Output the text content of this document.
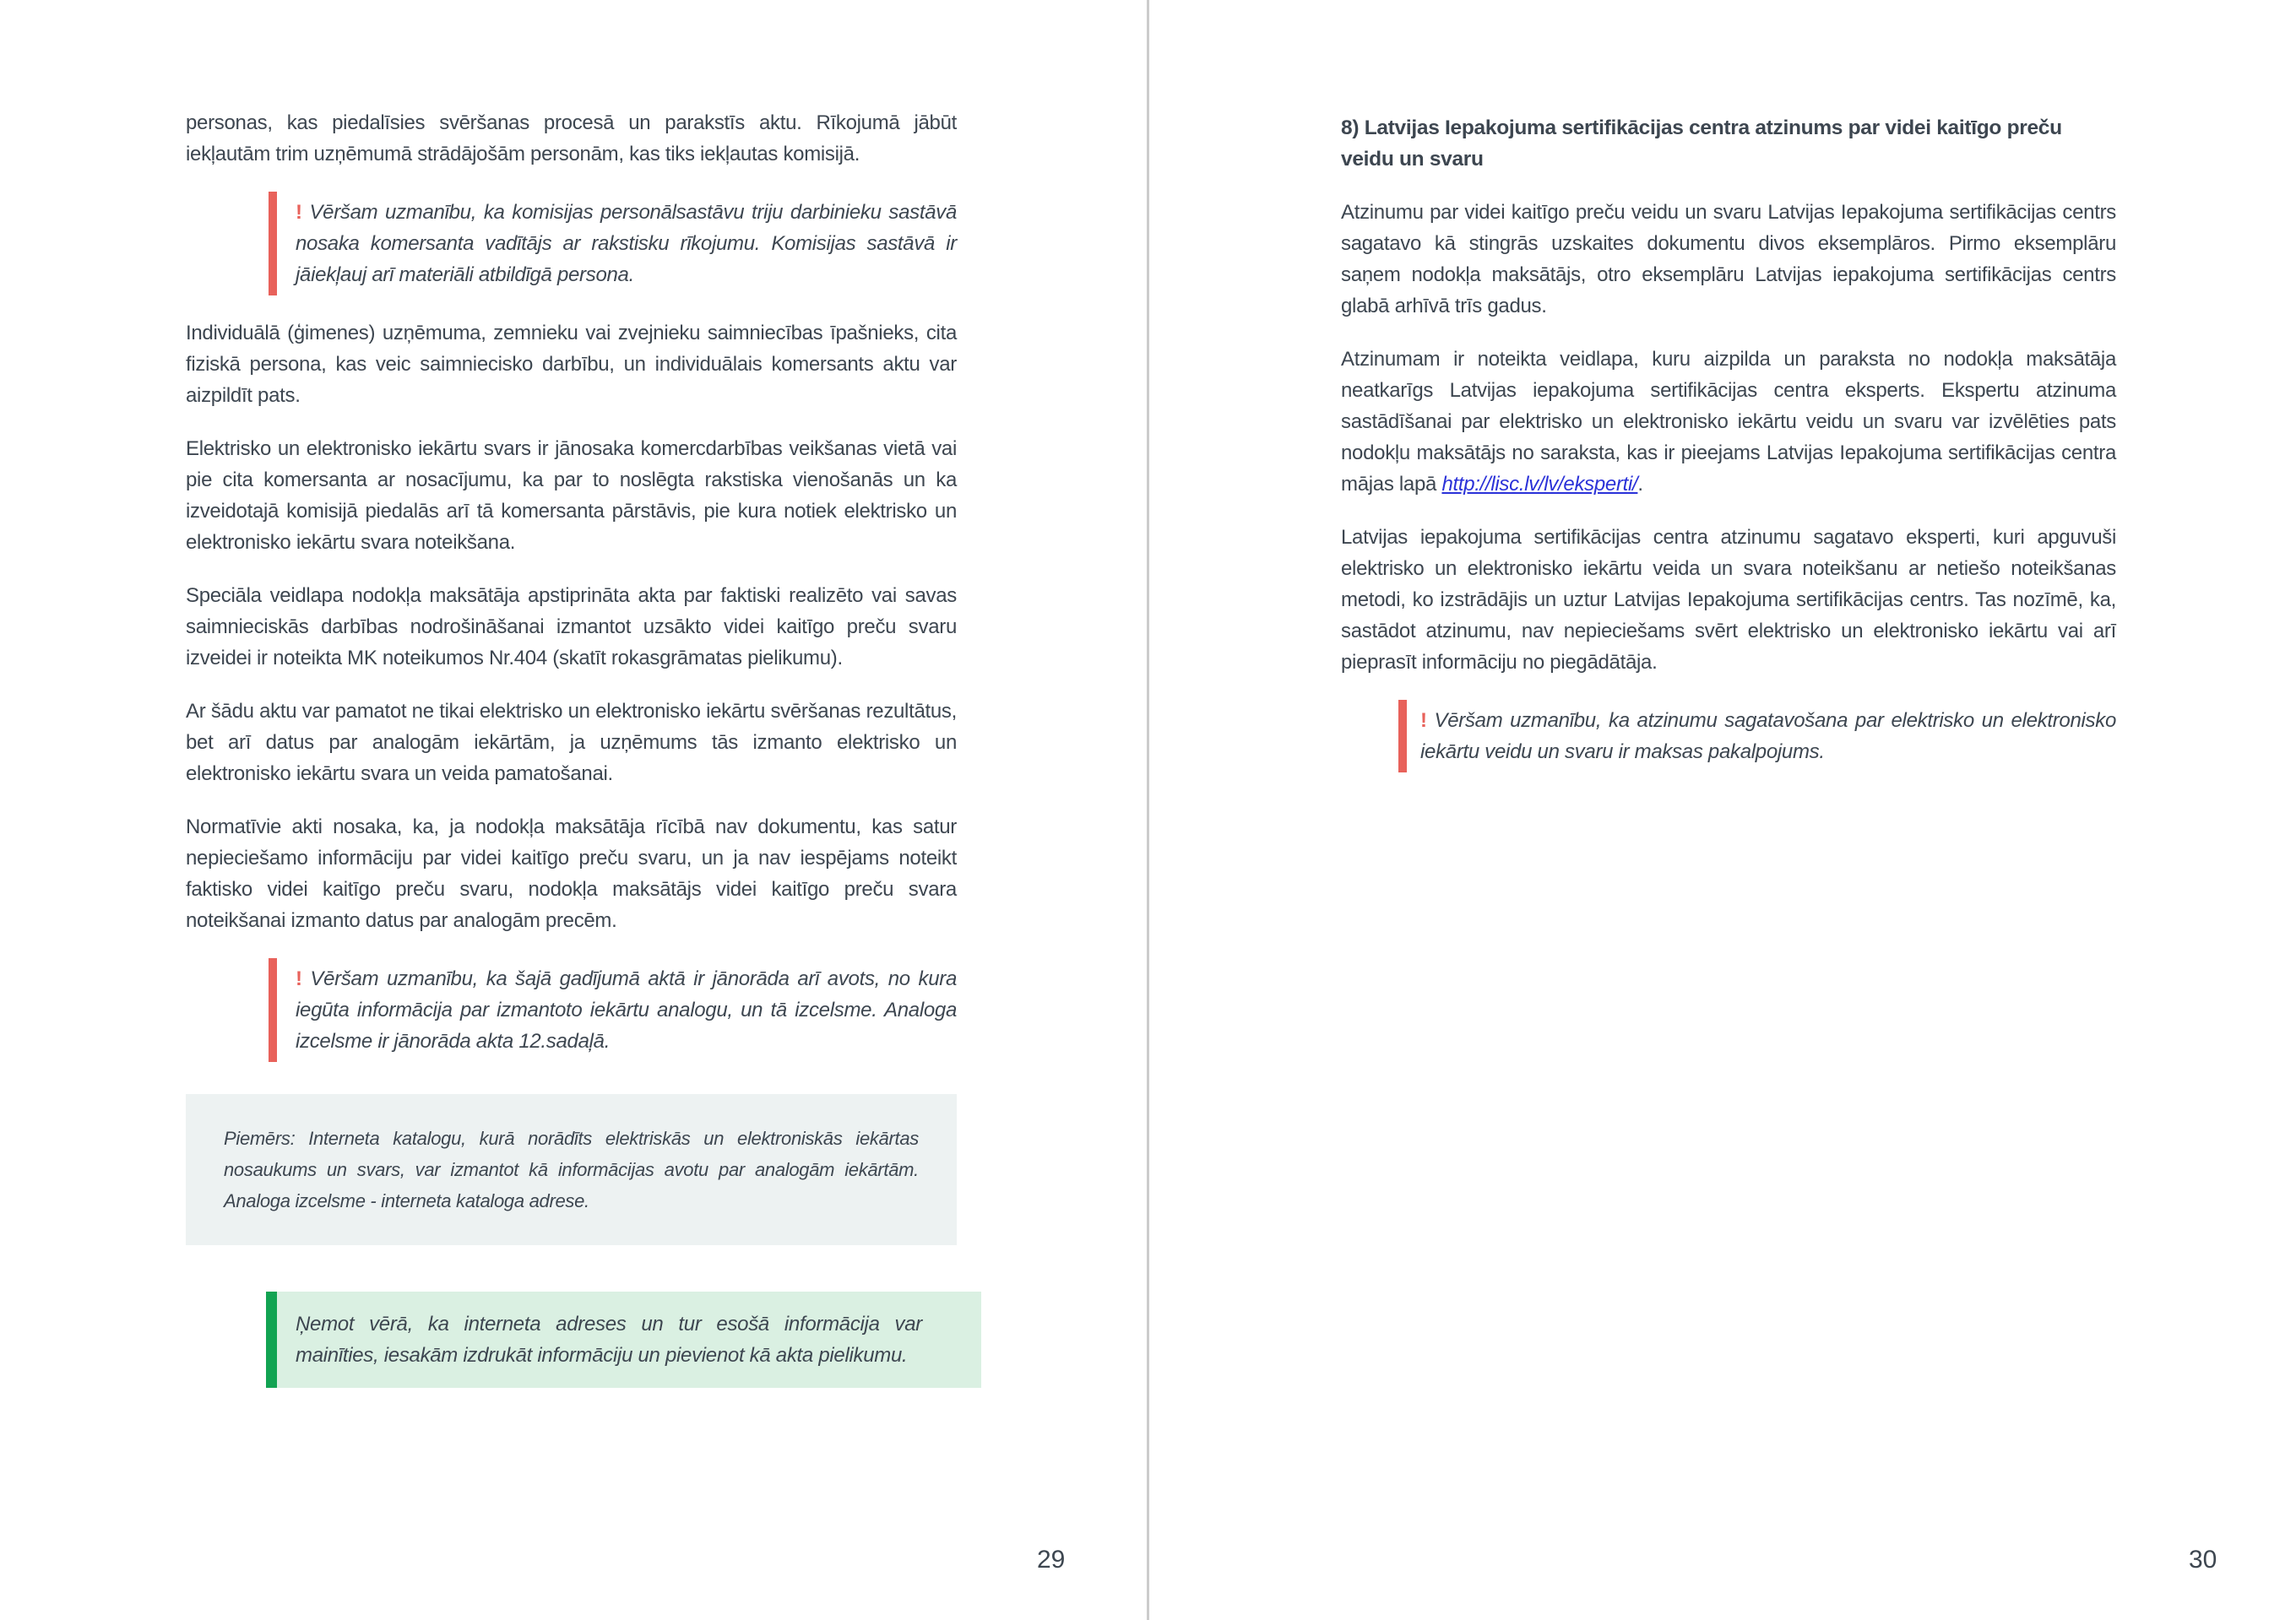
personas, kas piedalīsies svēršanas procesā un parakstīs aktu. Rīkojumā jābūt iekļautām trim uzņēmumā strādājošām personām, kas tiks iekļautas komisijā.

! Vēršam uzmanību, ka komisijas personālsastāvu triju darbinieku sastāvā nosaka komersanta vadītājs ar rakstisku rīkojumu. Komisijas sastāvā ir jāiekļauj arī materiāli atbildīgā persona.

Individuālā (ģimenes) uzņēmuma, zemnieku vai zvejnieku saimniecības īpašnieks, cita fiziskā persona, kas veic saimniecisko darbību, un individuālais komersants aktu var aizpildīt pats.

Elektrisko un elektronisko iekārtu svars ir jānosaka komercdarbības veikšanas vietā vai pie cita komersanta ar nosacījumu, ka par to noslēgta rakstiska vienošanās un ka izveidotajā komisijā piedalās arī tā komersanta pārstāvis, pie kura notiek elektrisko un elektronisko iekārtu svara noteikšana.

Speciāla veidlapa nodokļa maksātāja apstiprināta akta par faktiski realizēto vai savas saimnieciskās darbības nodrošināšanai izmantot uzsākto videi kaitīgo preču svaru izveidei ir noteikta MK noteikumos Nr.404 (skatīt rokasgrāmatas pielikumu).

Ar šādu aktu var pamatot ne tikai elektrisko un elektronisko iekārtu svēršanas rezultātus, bet arī datus par analogām iekārtām, ja uzņēmums tās izmanto elektrisko un elektronisko iekārtu svara un veida pamatošanai.

Normatīvie akti nosaka, ka, ja nodokļa maksātāja rīcībā nav dokumentu, kas satur nepieciešamo informāciju par videi kaitīgo preču svaru, un ja nav iespējams noteikt faktisko videi kaitīgo preču svaru, nodokļa maksātājs videi kaitīgo preču svara noteikšanai izmanto datus par analogām precēm.

! Vēršam uzmanību, ka šajā gadījumā aktā ir jānorāda arī avots, no kura iegūta informācija par izmantoto iekārtu analogu, un tā izcelsme. Analoga izcelsme ir jānorāda akta 12.sadaļā.
Piemērs: Interneta katalogu, kurā norādīts elektriskās un elektroniskās iekārtas nosaukums un svars, var izmantot kā informācijas avotu par analogām iekārtām. Analoga izcelsme - interneta kataloga adrese.
Ņemot vērā, ka interneta adreses un tur esošā informācija var mainīties, iesakām izdrukāt informāciju un pievienot kā akta pielikumu.

8) Latvijas Iepakojuma sertifikācijas centra atzinums par videi kaitīgo preču veidu un svaru

Atzinumu par videi kaitīgo preču veidu un svaru Latvijas Iepakojuma sertifikācijas centrs sagatavo kā stingrās uzskaites dokumentu divos eksemplāros. Pirmo eksemplāru saņem nodokļa maksātājs, otro eksemplāru Latvijas iepakojuma sertifikācijas centrs glabā arhīvā trīs gadus.

Atzinumam ir noteikta veidlapa, kuru aizpilda un paraksta no nodokļa maksātāja neatkarīgs Latvijas iepakojuma sertifikācijas centra eksperts. Ekspertu atzinuma sastādīšanai par elektrisko un elektronisko iekārtu veidu un svaru var izvēlēties pats nodokļu maksātājs no saraksta, kas ir pieejams Latvijas Iepakojuma sertifikācijas centra mājas lapā http://lisc.lv/lv/eksperti/.

Latvijas iepakojuma sertifikācijas centra atzinumu sagatavo eksperti, kuri apguvuši elektrisko un elektronisko iekārtu veida un svara noteikšanu ar netiešo noteikšanas metodi, ko izstrādājis un uztur Latvijas Iepakojuma sertifikācijas centrs. Tas nozīmē, ka, sastādot atzinumu, nav nepieciešams svērt elektrisko un elektronisko iekārtu vai arī pieprasīt informāciju no piegādātāja.

! Vēršam uzmanību, ka atzinumu sagatavošana par elektrisko un elektronisko iekārtu veidu un svaru ir maksas pakalpojums.
29	30
